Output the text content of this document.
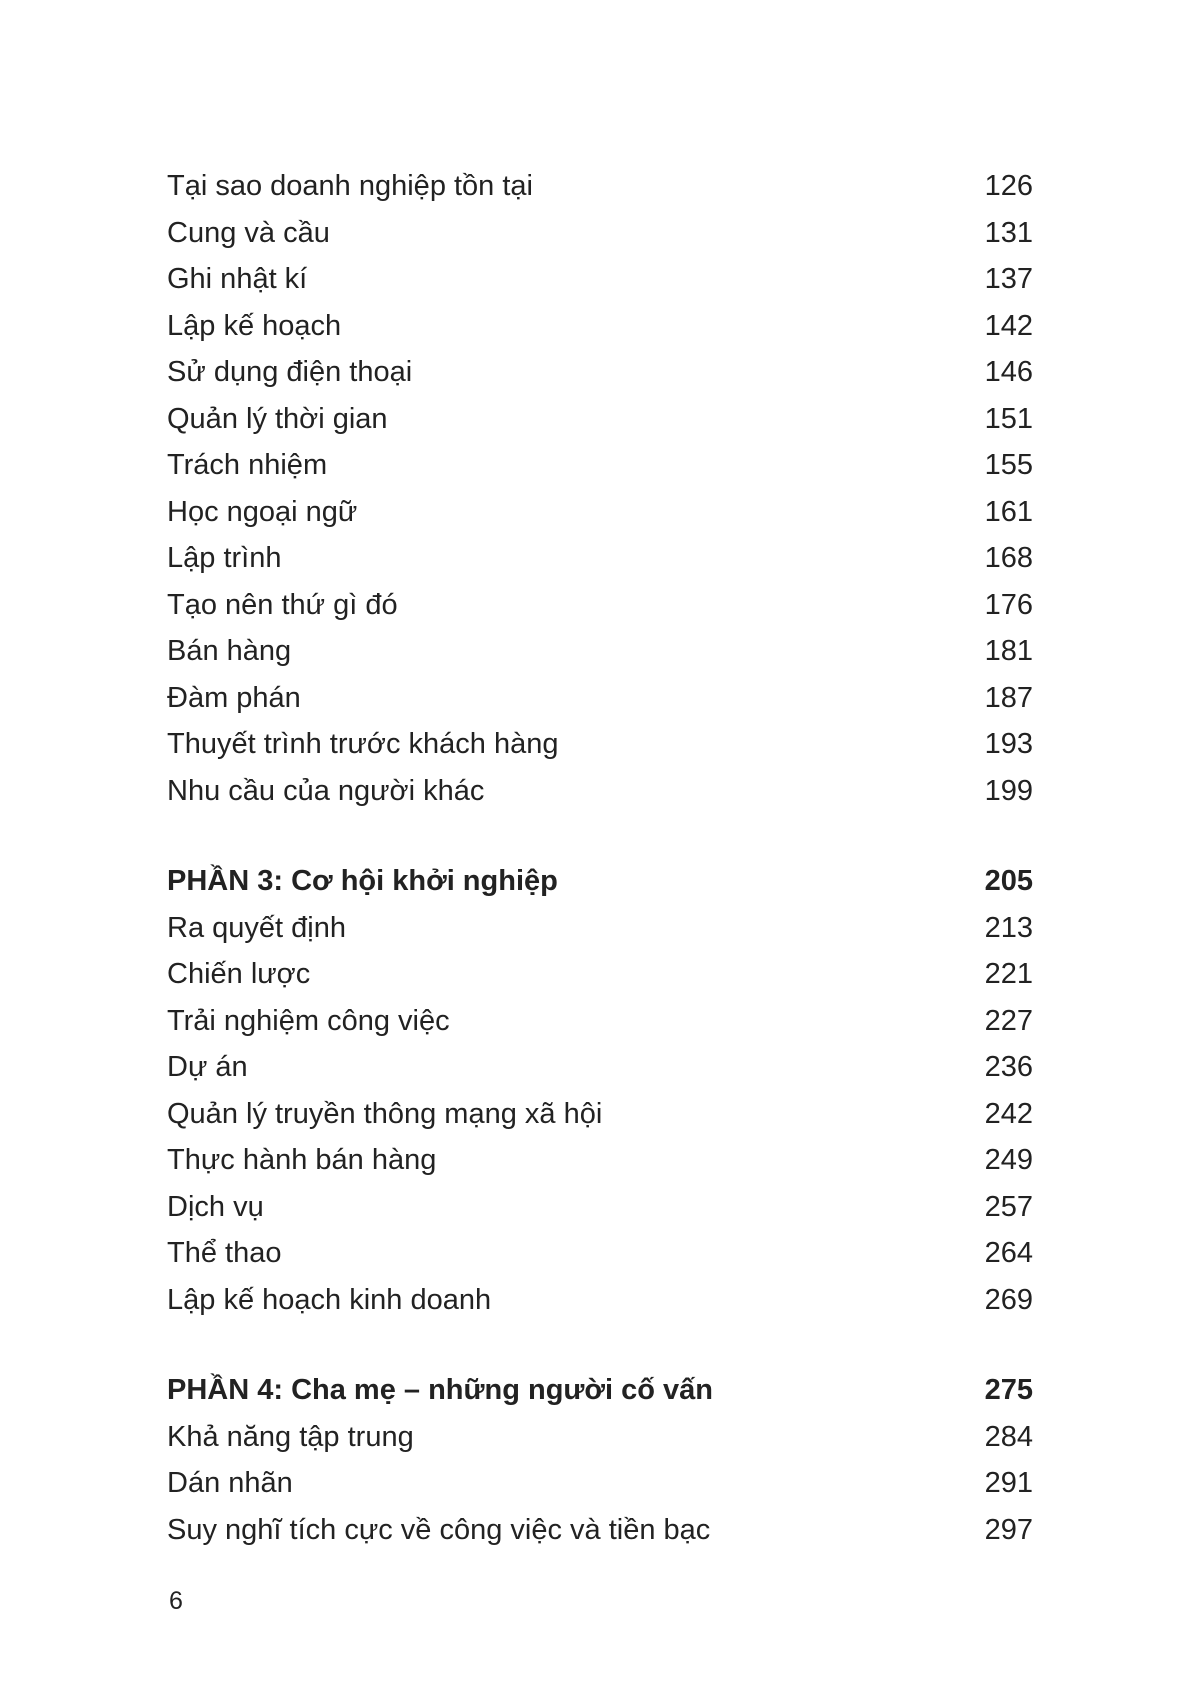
Tại sao doanh nghiệp tồn tại	126
Cung và cầu	131
Ghi nhật kí	137
Lập kế hoạch	142
Sử dụng điện thoại	146
Quản lý thời gian	151
Trách nhiệm	155
Học ngoại ngữ	161
Lập trình	168
Tạo nên thứ gì đó	176
Bán hàng	181
Đàm phán	187
Thuyết trình trước khách hàng	193
Nhu cầu của người khác	199
PHẦN 3: Cơ hội khởi nghiệp	205
Ra quyết định	213
Chiến lược	221
Trải nghiệm công việc	227
Dự án	236
Quản lý truyền thông mạng xã hội	242
Thực hành bán hàng	249
Dịch vụ	257
Thể thao	264
Lập kế hoạch kinh doanh	269
PHẦN 4: Cha mẹ – những người cố vấn	275
Khả năng tập trung	284
Dán nhãn	291
Suy nghĩ tích cực về công việc và tiền bạc	297
6
